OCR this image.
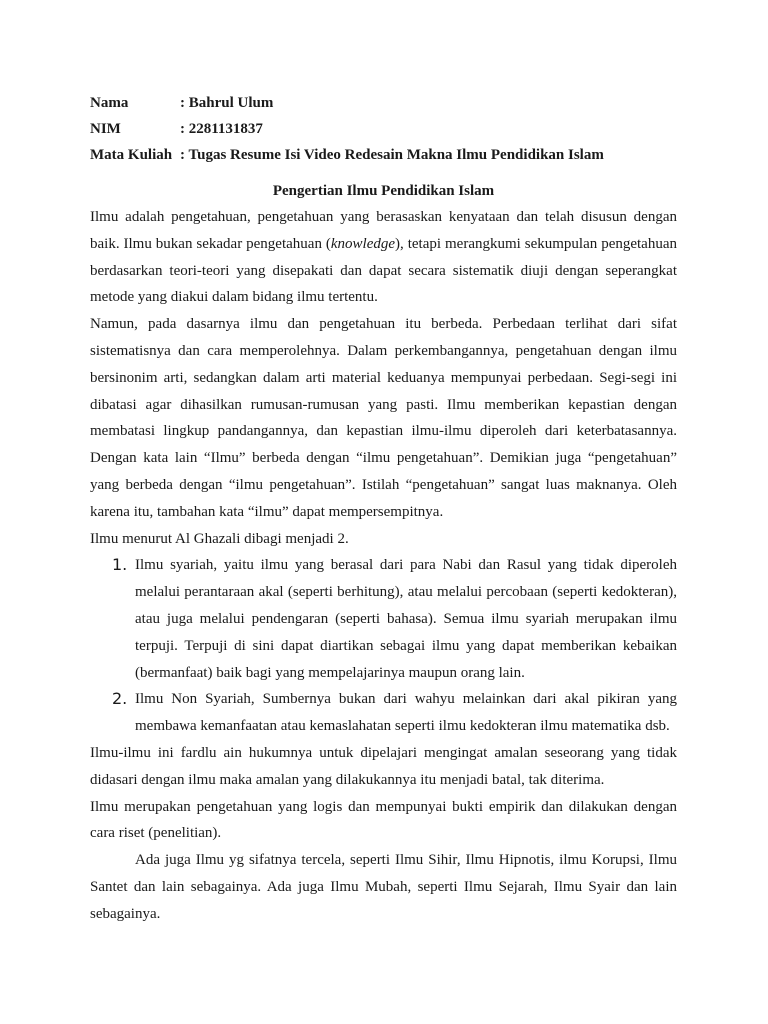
Nama	: Bahrul Ulum
NIM	: 2281131837
Mata Kuliah : Tugas Resume Isi Video Redesain Makna Ilmu Pendidikan Islam
Pengertian Ilmu Pendidikan Islam

Ilmu adalah pengetahuan, pengetahuan yang berasaskan kenyataan dan telah disusun dengan baik. Ilmu bukan sekadar pengetahuan (knowledge), tetapi merangkumi sekumpulan pengetahuan berdasarkan teori-teori yang disepakati dan dapat secara sistematik diuji dengan seperangkat metode yang diakui dalam bidang ilmu tertentu.

Namun, pada dasarnya ilmu dan pengetahuan itu berbeda. Perbedaan terlihat dari sifat sistematisnya dan cara memperolehnya. Dalam perkembangannya, pengetahuan dengan ilmu bersinonim arti, sedangkan dalam arti material keduanya mempunyai perbedaan. Segi-segi ini dibatasi agar dihasilkan rumusan-rumusan yang pasti. Ilmu memberikan kepastian dengan membatasi lingkup pandangannya, dan kepastian ilmu-ilmu diperoleh dari keterbatasannya. Dengan kata lain “Ilmu” berbeda dengan “ilmu pengetahuan”. Demikian juga “pengetahuan” yang berbeda dengan “ilmu pengetahuan”. Istilah “pengetahuan” sangat luas maknanya. Oleh karena itu, tambahan kata “ilmu” dapat mempersempitnya.

Ilmu menurut Al Ghazali dibagi menjadi 2.

1. Ilmu syariah, yaitu ilmu yang berasal dari para Nabi dan Rasul yang tidak diperoleh melalui perantaraan akal (seperti berhitung), atau melalui percobaan (seperti kedokteran), atau juga melalui pendengaran (seperti bahasa). Semua ilmu syariah merupakan ilmu terpuji. Terpuji di sini dapat diartikan sebagai ilmu yang dapat memberikan kebaikan (bermanfaat) baik bagi yang mempelajarinya maupun orang lain.
2. Ilmu Non Syariah, Sumbernya bukan dari wahyu melainkan dari akal pikiran yang membawa kemanfaatan atau kemaslahatan seperti ilmu kedokteran ilmu matematika dsb.

Ilmu-ilmu ini fardlu ain hukumnya untuk dipelajari mengingat amalan seseorang yang tidak didasari dengan ilmu maka amalan yang dilakukannya itu menjadi batal, tak diterima.

Ilmu merupakan pengetahuan yang logis dan mempunyai bukti empirik dan dilakukan dengan cara riset (penelitian).

Ada juga Ilmu yg sifatnya tercela, seperti Ilmu Sihir, Ilmu Hipnotis, ilmu Korupsi, Ilmu Santet dan lain sebagainya. Ada juga Ilmu Mubah, seperti Ilmu Sejarah, Ilmu Syair dan lain sebagainya.
